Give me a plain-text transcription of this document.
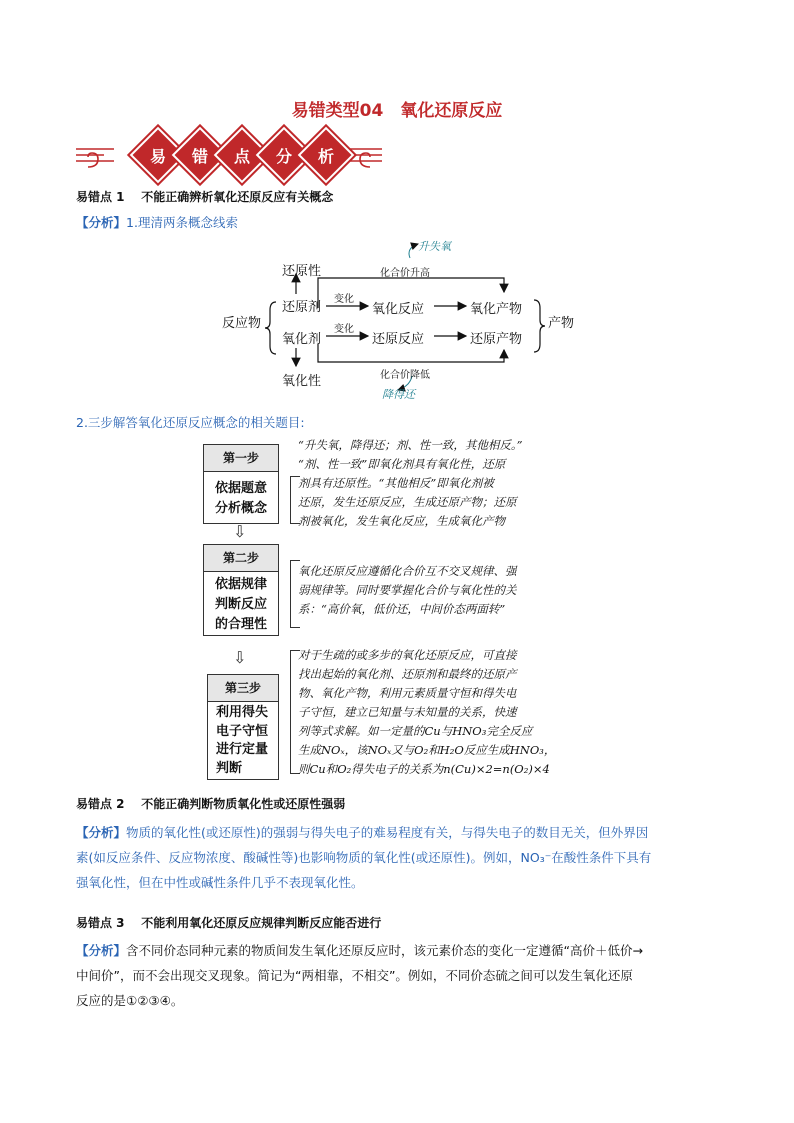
易错类型04　氧化还原反应
易	错	点	分	析
易错点 1 不能正确辨析氧化还原反应有关概念
【分析】1.理清两条概念线索
反应物
还原性
还原剂
氧化剂
氧化性
变化
变化
氧化反应
还原反应
氧化产物
还原产物
产物
化合价升高
化合价降低
升失氧
降得还
2.三步解答氧化还原反应概念的相关题目:
第一步
依据题意
分析概念
“升失氧，降得还；剂、性一致，其他相反。”
“剂、性一致”即氧化剂具有氧化性，还原
剂具有还原性。“其他相反”即氧化剂被
还原，发生还原反应，生成还原产物；还原
剂被氧化，发生氧化反应，生成氧化产物
⇩
第二步
依据规律
判断反应
的合理性
氧化还原反应遵循化合价互不交叉规律、强
弱规律等。同时要掌握化合价与氧化性的关
系：“高价氧，低价还，中间价态两面转”
⇩
第三步
利用得失
电子守恒
进行定量
判断
对于生疏的或多步的氧化还原反应，可直接
找出起始的氧化剂、还原剂和最终的还原产
物、氧化产物，利用元素质量守恒和得失电
子守恒，建立已知量与未知量的关系，快速
列等式求解。如一定量的Cu与HNO₃完全反应
生成NOₓ，该NOₓ又与O₂和H₂O反应生成HNO₃，
则Cu和O₂得失电子的关系为n(Cu)×2=n(O₂)×4
易错点 2 不能正确判断物质氧化性或还原性强弱
【分析】物质的氧化性(或还原性)的强弱与得失电子的难易程度有关，与得失电子的数目无关，但外界因
素(如反应条件、反应物浓度、酸碱性等)也影响物质的氧化性(或还原性)。例如，NO₃⁻在酸性条件下具有
强氧化性，但在中性或碱性条件几乎不表现氧化性。
易错点 3 不能利用氧化还原反应规律判断反应能否进行
【分析】含不同价态同种元素的物质间发生氧化还原反应时，该元素价态的变化一定遵循“高价＋低价→
中间价”，而不会出现交叉现象。简记为“两相靠，不相交”。例如，不同价态硫之间可以发生氧化还原
反应的是①②③④。
